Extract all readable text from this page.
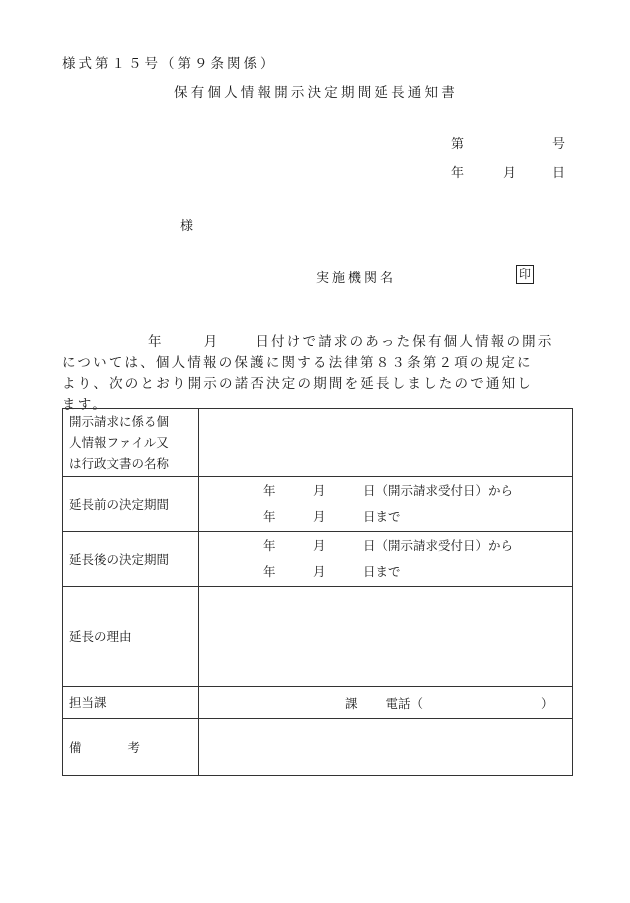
様式第１５号（第９条関係）
保有個人情報開示決定期間延長通知書
第	号
年	月	日
様
実施機関名	印
年	月	日付けで請求のあった保有個人情報の開示
については、個人情報の保護に関する法律第８３条第２項の規定に
より、次のとおり開示の諾否決定の期間を延長しましたので通知し
ます。
開示請求に係る個
人情報ファイル又
は行政文書の名称	

延長前の決定期間	年 月 日（開示請求受付日）から
年 月 日まで

延長後の決定期間	年 月 日（開示請求受付日）から
年 月 日まで

延長の理由	
担当課	課 電話（ ）
備 考	
